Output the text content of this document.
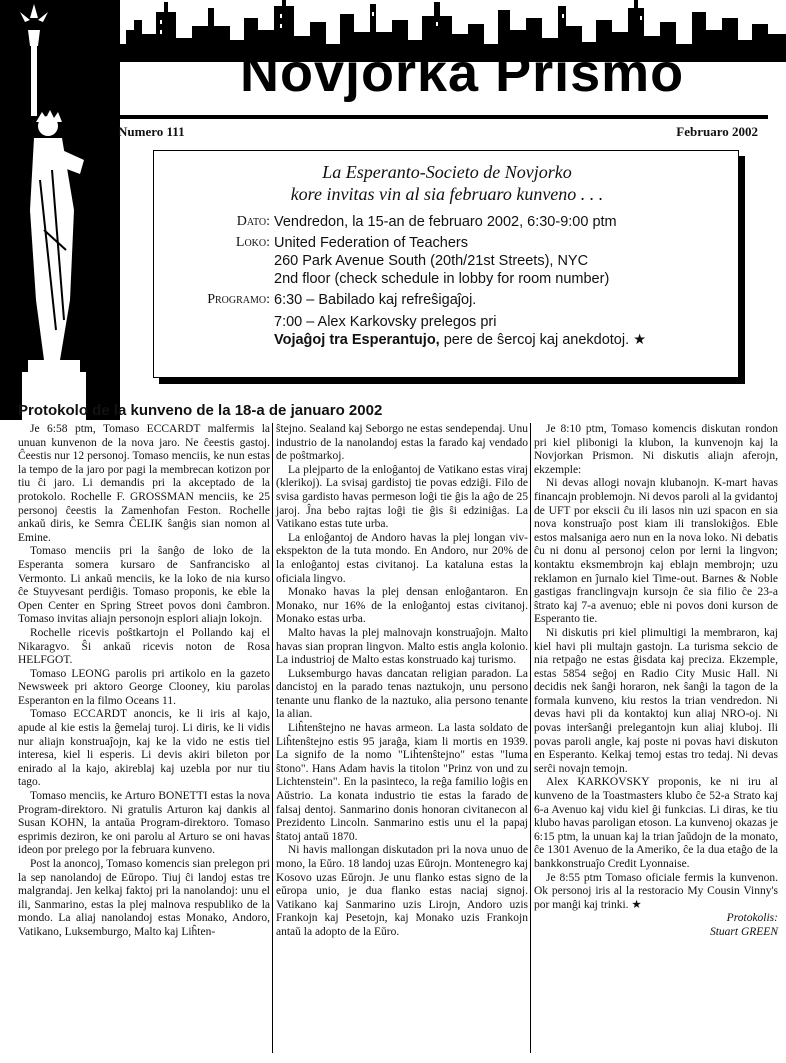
Novjorka Prismo
Numero 111	Februaro 2002
La Esperanto-Societo de Novjorko
kore invitas vin al sia februaro kunveno . . .
Dato: Vendredon, la 15-an de februaro 2002, 6:30-9:00 ptm
Loko: United Federation of Teachers
260 Park Avenue South (20th/21st Streets), NYC
2nd floor (check schedule in lobby for room number)
Programo: 6:30 – Babilado kaj refreŝigaĵoj.
7:00 – Alex Karkovsky prelegos pri
Vojaĝoj tra Esperantujo, pere de ŝercoj kaj anekdotoj. ★
Protokolo de la kunveno de la 18-a de januaro 2002

Je 6:58 ptm, Tomaso ECCARDT malfermis la unuan kunvenon de la nova jaro. Ne ĉeestis gastoj. Ĉeestis nur 12 personoj. Tomaso menciis, ke nun estas la tempo de la jaro por pagi la membrecan kotizon por tiu ĉi jaro. Li demandis pri la akceptado de la protokolo. Rochelle F. GROSSMAN menciis, ke 25 personoj ĉeestis la Zamenhofan Feston. Rochelle ankaŭ diris, ke Semra ĈELIK ŝanĝis sian nomon al Emine.

Tomaso menciis pri la ŝanĝo de loko de la Esperanta somera kursaro de Sanfrancisko al Vermonto. Li ankaŭ menciis, ke la loko de nia kurso ĉe Stuyvesant perdiĝis. Tomaso proponis, ke eble la Open Center en Spring Street povos doni ĉambron. Tomaso invitas aliajn personojn esplori aliajn lokojn.

Rochelle ricevis poŝtkartojn el Pollando kaj el Nikaragvo. Ŝi ankaŭ ricevis noton de Rosa HELFGOT.

Tomaso LEONG parolis pri artikolo en la gazeto Newsweek pri aktoro George Clooney, kiu parolas Esperanton en la filmo Oceans 11.

Tomaso ECCARDT anoncis, ke li iris al kajo, apude al kie estis la ĝemelaj turoj. Li diris, ke li vidis nur aliajn konstruaĵojn, kaj ke la vido ne estis tiel interesa, kiel li esperis. Li devis akiri bileton por enirado al la kajo, akireblaj kaj uzebla por nur tiu tago.

Tomaso menciis, ke Arturo BONETTI estas la nova Program-direktoro. Ni gratulis Arturon kaj dankis al Susan KOHN, la antaŭa Program-direktoro. Tomaso esprimis deziron, ke oni parolu al Arturo se oni havas ideon por prelego por la februara kunveno.

Post la anoncoj, Tomaso komencis sian prelegon pri la sep nanolandoj de Eŭropo. Tiuj ĉi landoj estas tre malgrandaj. Jen kelkaj faktoj pri la nanolandoj: unu el ili, Sanmarino, estas la plej malnova respubliko de la mondo. La aliaj nanolandoj estas Monako, Andoro, Vatikano, Luksemburgo, Malto kaj Liĥten-

ŝtejno. Sealand kaj Seborgo ne estas sendependaj. Unu industrio de la nanolandoj estas la farado kaj vendado de poŝtmarkoj.

La plejparto de la enloĝantoj de Vatikano estas viraj (klerikoj). La svisaj gardistoj tie povas edziĝi. Filo de svisa gardisto havas permeson loĝi tie ĝis la aĝo de 25 jaroj. Ĵna bebo rajtas loĝi tie ĝis ŝi edziniĝas. La Vatikano estas tute urba.

La enloĝantoj de Andoro havas la plej longan viv-ekspekton de la tuta mondo. En Andoro, nur 20% de la enloĝantoj estas civitanoj. La kataluna estas la oficiala lingvo.

Monako havas la plej densan enloĝantaron. En Monako, nur 16% de la enloĝantoj estas civitanoj. Monako estas urba.

Malto havas la plej malnovajn konstruaĵojn. Malto havas sian propran lingvon. Malto estis angla kolonio. La industrioj de Malto estas konstruado kaj turismo.

Luksemburgo havas dancatan religian paradon. La dancistoj en la parado tenas naztukojn, unu persono tenante unu flanko de la naztuko, alia persono tenante la alian.

Liĥtenŝtejno ne havas armeon. La lasta soldato de Liĥtenŝtejno estis 95 jaraĝa, kiam li mortis en 1939. La signifo de la nomo "Liĥtenŝtejno" estas "luma ŝtono". Hans Adam havis la titolon "Prinz von und zu Lichtenstein". En la pasinteco, la reĝa familio loĝis en Aŭstrio. La konata industrio tie estas la farado de falsaj dentoj. Sanmarino donis honoran civitanecon al Prezidento Lincoln. Sanmarino estis unu el la papaj ŝtatoj antaŭ 1870.

Ni havis mallongan diskutadon pri la nova unuo de mono, la Eŭro. 18 landoj uzas Eŭrojn. Montenegro kaj Kosovo uzas Eŭrojn. Je unu flanko estas signo de la eŭropa unio, je dua flanko estas naciaj signoj. Vatikano kaj Sanmarino uzis Lirojn, Andoro uzis Frankojn kaj Pesetojn, kaj Monako uzis Frankojn antaŭ la adopto de la Eŭro.

Je 8:10 ptm, Tomaso komencis diskutan rondon pri kiel plibonigi la klubon, la kunvenojn kaj la Novjorkan Prismon. Ni diskutis aliajn aferojn, ekzemple:

Ni devas allogi novajn klubanojn. K-mart havas financajn problemojn. Ni devos paroli al la gvidantoj de UFT por ekscii ĉu ili lasos nin uzi spacon en sia nova konstruaĵo post kiam ili translokiĝos. Eble estos malsaniga aero nun en la nova loko. Ni debatis ĉu ni donu al personoj celon por lerni la lingvon; kontaktu eksmembrojn kaj eblajn membrojn; uzu reklamon en ĵurnalo kiel Time-out. Barnes & Noble gastigas franclingvajn kursojn ĉe sia filio ĉe 23-a ŝtrato kaj 7-a avenuo; eble ni povos doni kurson de Esperanto tie.

Ni diskutis pri kiel plimultigi la membraron, kaj kiel havi pli multajn gastojn. La turisma sekcio de nia retpaĝo ne estas ĝisdata kaj preciza. Ekzemple, estas 5854 seĝoj en Radio City Music Hall. Ni decidis nek ŝanĝi horaron, nek ŝanĝi la tagon de la formala kunveno, kiu restos la trian vendredon. Ni devas havi pli da kontaktoj kun aliaj NRO-oj. Ni povas interŝanĝi prelegantojn kun aliaj kluboj. Ili povas paroli angle, kaj poste ni povas havi diskuton en Esperanto. Kelkaj temoj estas tro tedaj. Ni devas serĉi novajn temojn.

Alex KARKOVSKY proponis, ke ni iru al kunveno de la Toastmasters klubo ĉe 52-a Strato kaj 6-a Avenuo kaj vidu kiel ĝi funkcias. Li diras, ke tiu klubo havas paroligan etoson. La kunvenoj okazas je 6:15 ptm, la unuan kaj la trian ĵaŭdojn de la monato, ĉe 1301 Avenuo de la Ameriko, ĉe la dua etaĝo de la bankkonstruaĵo Credit Lyonnaise.

Je 8:55 ptm Tomaso oficiale fermis la kunvenon. Ok personoj iris al la restoracio My Cousin Vinny's por manĝi kaj trinki. ★

Protokolis:
Stuart GREEN
